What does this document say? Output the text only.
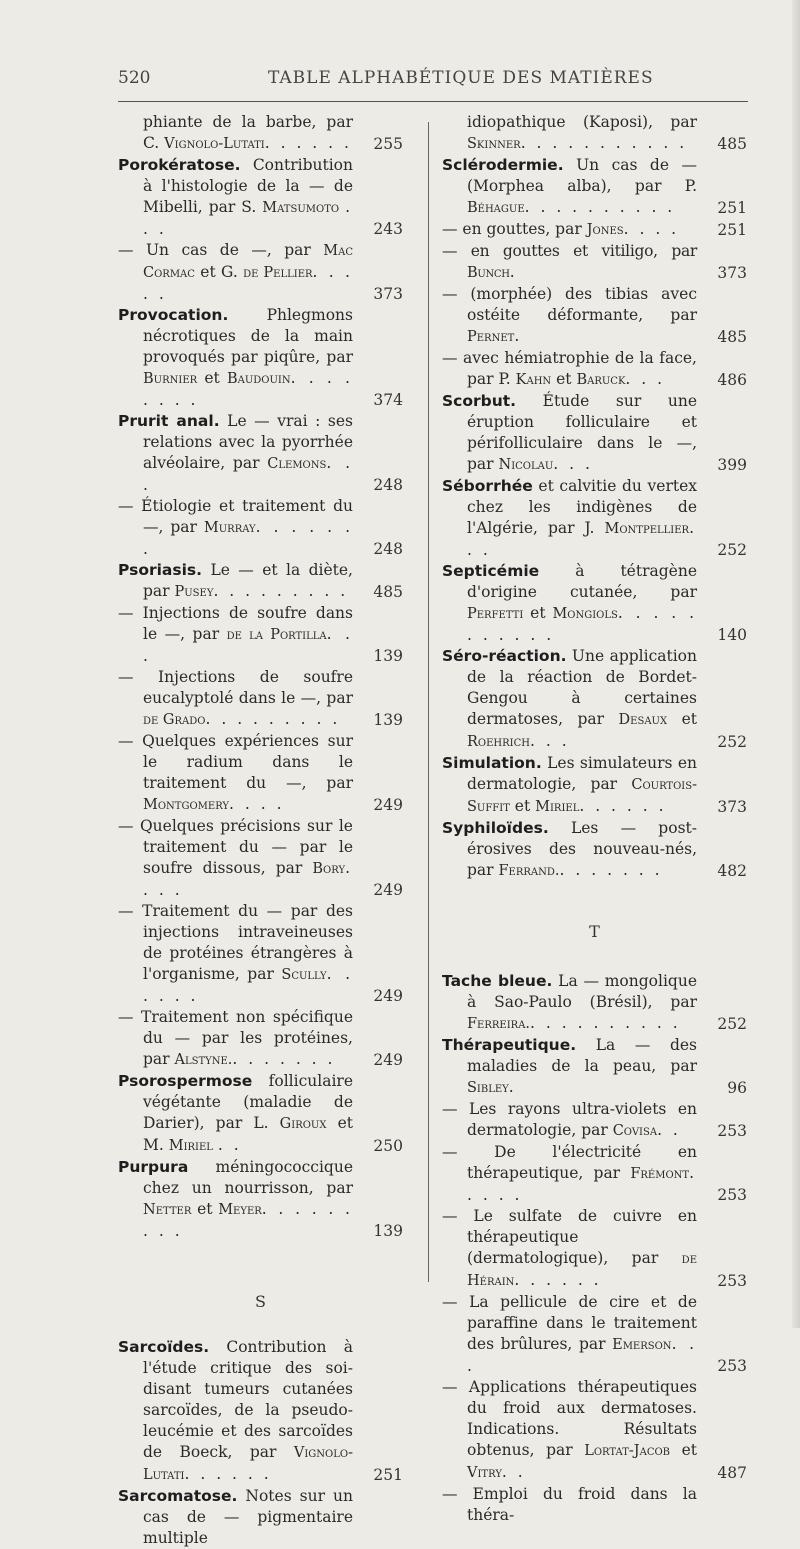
520	TABLE ALPHABÉTIQUE DES MATIÈRES
phiante de la barbe, par C. Vignolo-Lutati. . . . . .	255
Porokératose. Contribution à l'histologie de la — de Mibelli, par S. Matsumoto . . .	243
— Un cas de —, par Mac Cormac et G. de Pellier. . . . .	373
Provocation. Phlegmons nécrotiques de la main provoqués par piqûre, par Burnier et Baudouin. . . . . . . .	374
Prurit anal. Le — vrai : ses relations avec la pyorrhée alvéolaire, par Clemons. . .	248
— Étiologie et traitement du —, par Murray. . . . . . .	248
Psoriasis. Le — et la diète, par Pusey. . . . . . . . .	485
— Injections de soufre dans le —, par de la Portilla. . .	139
— Injections de soufre eucalyptolé dans le —, par de Grado. . . . . . . . .	139
— Quelques expériences sur le radium dans le traitement du —, par Montgomery. . . .	249
— Quelques précisions sur le traitement du — par le soufre dissous, par Bory. . . .	249
— Traitement du — par des injections intraveineuses de protéines étrangères à l'organisme, par Scully. . . . . .	249
— Traitement non spécifique du — par les protéines, par Alstyne.. . . . . . .	249
Psorospermose folliculaire végétante (maladie de Darier), par L. Giroux et M. Miriel . .	250
Purpura méningococcique chez un nourrisson, par Netter et Meyer. . . . . . . . .	139
S
Sarcoïdes. Contribution à l'étude critique des soi-disant tumeurs cutanées sarcoïdes, de la pseudo-leucémie et des sarcoïdes de Boeck, par Vignolo-Lutati. . . . . .	251
Sarcomatose. Notes sur un cas de — pigmentaire multiple
idiopathique (Kaposi), par Skinner. . . . . . . . . . .	485
Sclérodermie. Un cas de — (Morphea alba), par P. Béhague. . . . . . . . . .	251
— en gouttes, par Jones. . . .	251
— en gouttes et vitiligo, par Bunch.	373
— (morphée) des tibias avec ostéite déformante, par Pernet.	485
— avec hémiatrophie de la face, par P. Kahn et Baruck. . .	486
Scorbut. Étude sur une éruption folliculaire et périfolliculaire dans le —, par Nicolau. . .	399
Séborrhée et calvitie du vertex chez les indigènes de l'Algérie, par J. Montpellier. . .	252
Septicémie à tétragène d'origine cutanée, par Perfetti et Mongiols. . . . . . . . . . .	140
Séro-réaction. Une application de la réaction de Bordet-Gengou à certaines dermatoses, par Desaux et Roehrich. . .	252
Simulation. Les simulateurs en dermatologie, par Courtois-Suffit et Miriel. . . . . .	373
Syphiloïdes. Les — post-érosives des nouveau-nés, par Ferrand.. . . . . . .	482
T
Tache bleue. La — mongolique à Sao-Paulo (Brésil), par Ferreira.. . . . . . . . . .	252
Thérapeutique. La — des maladies de la peau, par Sibley.	96
— Les rayons ultra-violets en dermatologie, par Covisa. .	253
— De l'électricité en thérapeutique, par Frémont. . . . .	253
— Le sulfate de cuivre en thérapeutique (dermatologique), par de Hérain. . . . . .	253
— La pellicule de cire et de paraffine dans le traitement des brûlures, par Emerson. . .	253
— Applications thérapeutiques du froid aux dermatoses. Indications. Résultats obtenus, par Lortat-Jacob et Vitry. .	487
— Emploi du froid dans la théra-
